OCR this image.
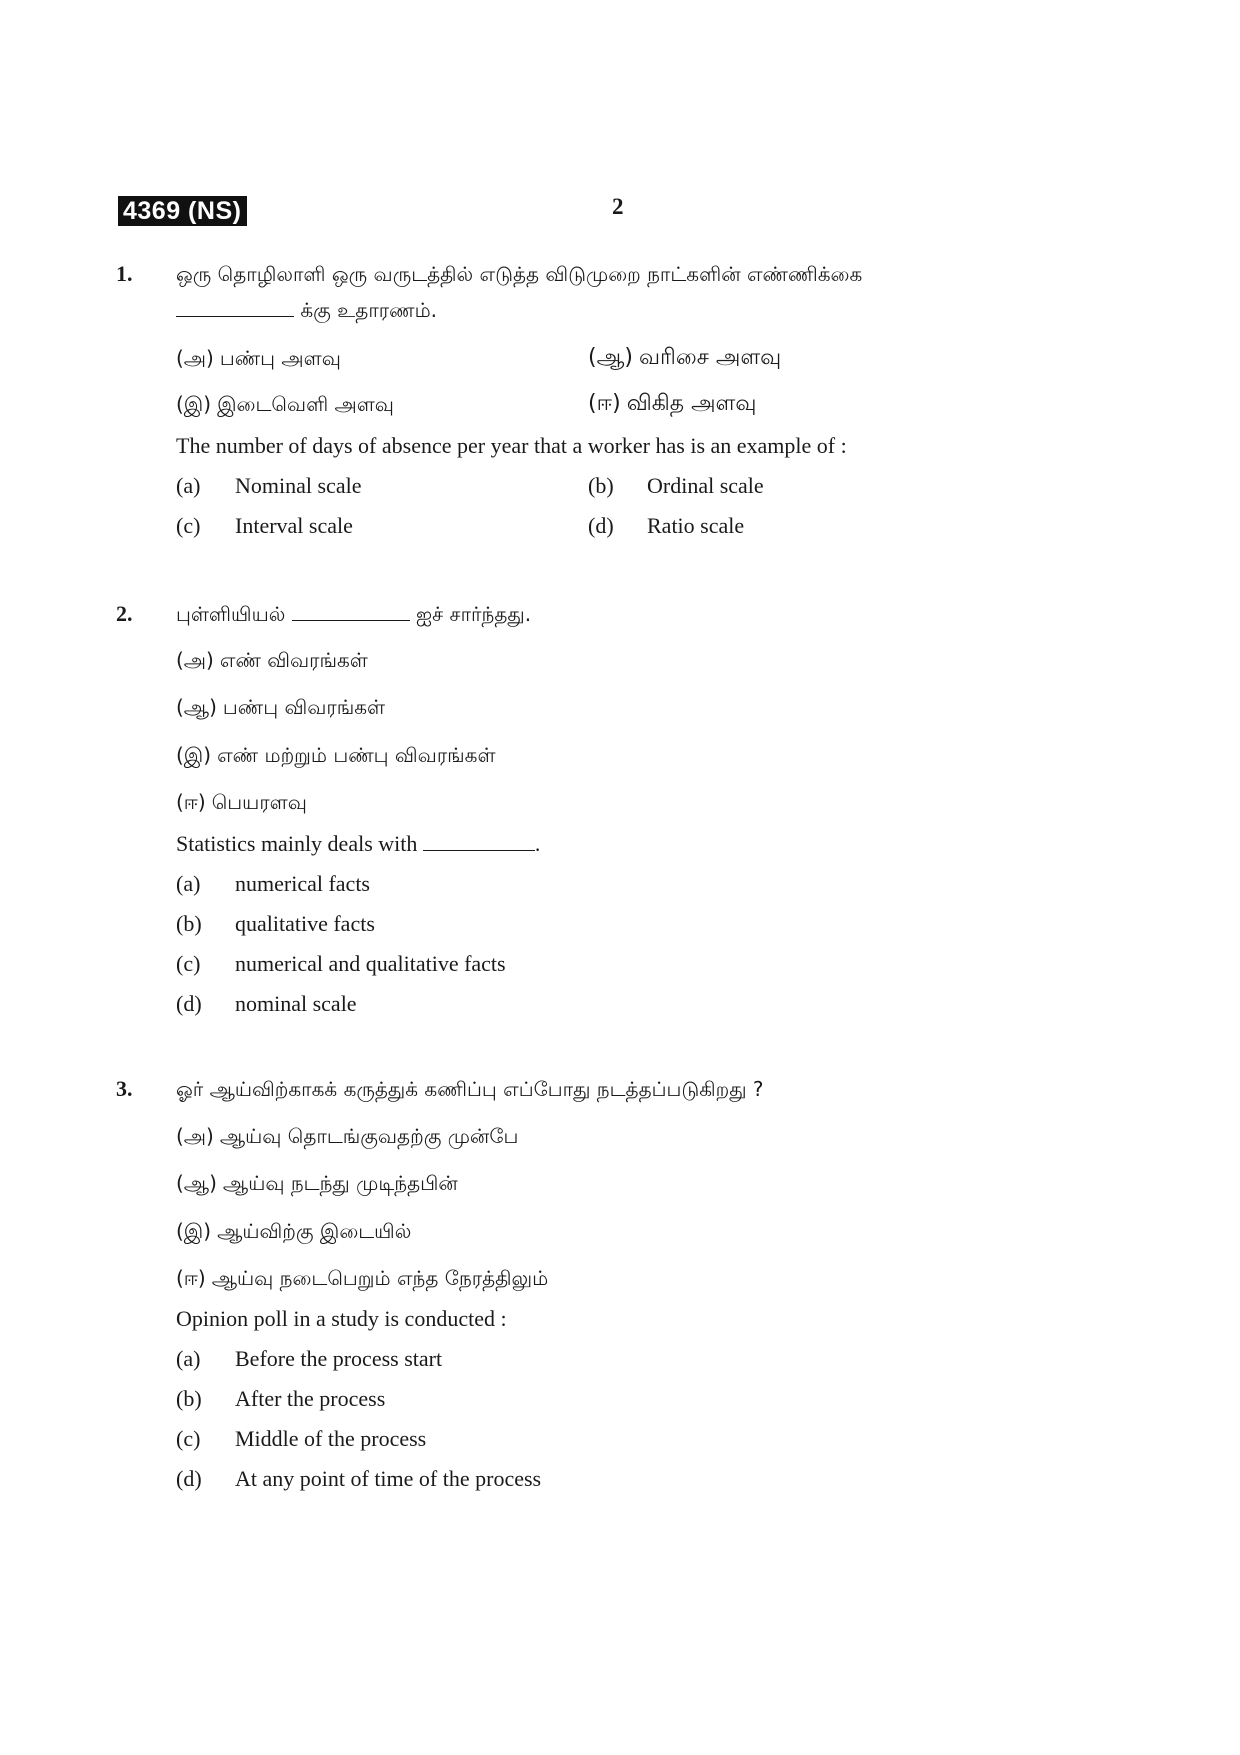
4369 (NS)	2
1. ஒரு தொழிலாளி ஒரு வருடத்தில் எடுத்த விடுமுறை நாட்களின் எண்ணிக்கை
க்கு உதாரணம்.
(அ) பண்பு அளவு	(ஆ) வரிசை அளவு
(இ) இடைவெளி அளவு	(ஈ) விகித அளவு
The number of days of absence per year that a worker has is an example of :
(a) Nominal scale	(b) Ordinal scale
(c) Interval scale	(d) Ratio scale
2. புள்ளியியல்	ஐச் சார்ந்தது.
(அ) எண் விவரங்கள்
(ஆ) பண்பு விவரங்கள்
(இ) எண் மற்றும் பண்பு விவரங்கள்
(ஈ) பெயரளவு
Statistics mainly deals with	.
(a) numerical facts
(b) qualitative facts
(c) numerical and qualitative facts
(d) nominal scale
3. ஓர் ஆய்விற்காகக் கருத்துக் கணிப்பு எப்போது நடத்தப்படுகிறது ?
(அ) ஆய்வு தொடங்குவதற்கு முன்பே
(ஆ) ஆய்வு நடந்து முடிந்தபின்
(இ) ஆய்விற்கு இடையில்
(ஈ) ஆய்வு நடைபெறும் எந்த நேரத்திலும்
Opinion poll in a study is conducted :
(a) Before the process start
(b) After the process
(c) Middle of the process
(d) At any point of time of the process
